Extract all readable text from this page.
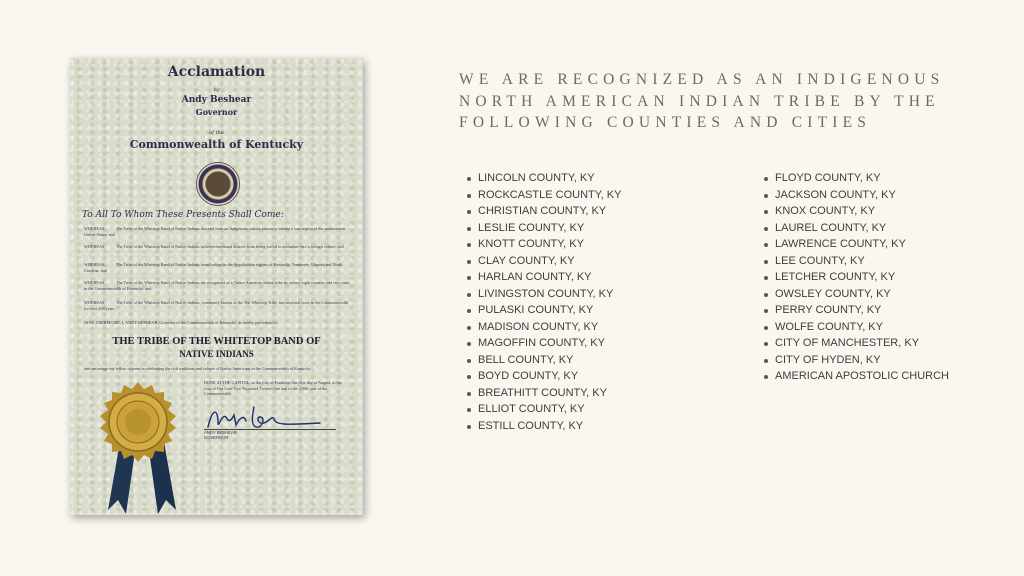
Acclamation
by
Andy Beshear
Governor
of the
Commonwealth of Kentucky
To All To Whom These Presents Shall Come:
WHEREAS,	The Tribe of the Whitetop Band of Native Indians descend from an Indigenous culture known to inhabit a vast region of the southeastern United States; and
WHEREAS,	The Tribe of the Whitetop Band of Native Indians suffered emotional distress from being forced to assimilate into a foreign culture; and
WHEREAS,	The Tribe of the Whitetop Band of Native Indians found refuge in the Appalachian regions of Kentucky, Tennessee, Virginia and North Carolina; and
WHEREAS,	The Tribe of the Whitetop Band of Native Indians are recognized as a Native American Indian tribe by twenty-eight counties and two cities in the Commonwealth of Kentucky; and
WHEREAS,	The Tribe of the Whitetop Band of Native Indians, commonly known as the The Whitetop Tribe, has ancestral roots in the Commonwealth for over 200 years.
NOW, THEREFORE, I, ANDY BESHEAR, Governor of the Commonwealth of Kentucky, do hereby pay tribute to
THE TRIBE OF THE WHITETOP BAND OF
NATIVE INDIANS
and encourage my fellow citizens in celebrating the rich traditions and culture of Native Americans in the Commonwealth of Kentucky.
DONE AT THE CAPITOL, in the City of Frankfort this 31st day of August, in the year of Our Lord Two Thousand Twenty-One and in the 230th year of the Commonwealth.
ANDY BESHEAR
GOVERNOR
WE ARE RECOGNIZED AS AN INDIGENOUS NORTH AMERICAN INDIAN TRIBE BY THE FOLLOWING COUNTIES AND CITIES
LINCOLN COUNTY, KY
ROCKCASTLE COUNTY, KY
CHRISTIAN COUNTY, KY
LESLIE COUNTY, KY
KNOTT COUNTY, KY
CLAY COUNTY, KY
HARLAN COUNTY, KY
LIVINGSTON COUNTY, KY
PULASKI COUNTY, KY
MADISON COUNTY, KY
MAGOFFIN COUNTY, KY
BELL COUNTY, KY
BOYD COUNTY, KY
BREATHITT COUNTY, KY
ELLIOT COUNTY, KY
ESTILL COUNTY, KY
FLOYD COUNTY, KY
JACKSON COUNTY, KY
KNOX COUNTY, KY
LAUREL COUNTY, KY
LAWRENCE COUNTY, KY
LEE COUNTY, KY
LETCHER COUNTY, KY
OWSLEY COUNTY, KY
PERRY COUNTY, KY
WOLFE COUNTY, KY
CITY OF MANCHESTER, KY
CITY OF HYDEN, KY
AMERICAN APOSTOLIC CHURCH
